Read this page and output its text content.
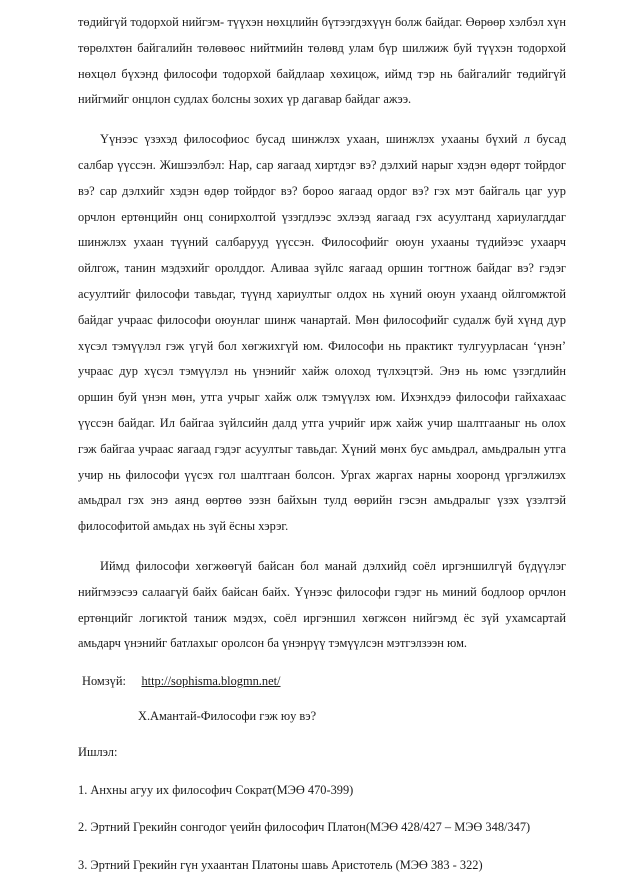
төдийгүй тодорхой нийгэм- түүхэн нөхцлийн бүтээгдэхүүн болж байдаг. Өөрөөр хэлбэл хүн төрөлхтөн байгалийн төлөвөөс нийтмийн төлөвд улам бүр шилжиж буй түүхэн тодорхой нөхцөл бүхэнд философи тодорхой байдлаар хөхицож, иймд тэр нь байгалийг төдийгүй нийгмийг онцлон судлах болсны зохих үр дагавар байдаг ажээ.

Үүнээс үзэхэд философиос бусад шинжлэх ухаан, шинжлэх ухааны бүхий л бусад салбар үүссэн. Жишээлбэл: Нар, сар яагаад хиртдэг вэ? дэлхий нарыг хэдэн өдөрт тойрдог вэ? сар дэлхийг хэдэн өдөр тойрдог вэ? бороо яагаад ордог вэ? гэх мэт байгаль цаг уур орчлон ертөнцийн онц сонирхолтой үзэгдлээс эхлээд яагаад гэх асуултанд хариулагддаг шинжлэх ухаан түүний салбарууд үүссэн. Философийг оюун ухааны түдийээс ухаарч ойлгож, танин мэдэхийг оролддог. Аливаа зүйлс яагаад оршин тогтнож байдаг вэ? гэдэг асуултийг философи тавьдаг, түүнд хариултыг олдох нь хүний оюун ухаанд ойлгомжтой байдаг учраас философи оюунлаг шинж чанартай. Мөн философийг судалж буй хүнд дур хүсэл тэмүүлэл гэж үгүй бол хөгжихгүй юм. Философи нь практикт тулгуурласан ‘үнэн’ учраас дур хүсэл тэмүүлэл нь үнэнийг хайж олоход түлхэцтэй. Энэ нь юмс үзэгдлийн оршин буй үнэн мөн, утга учрыг хайж олж тэмүүлэх юм. Ихэнхдээ философи гайхахаас үүссэн байдаг. Ил байгаа зүйлсийн далд утга учрийг ирж хайж учир шалтгааныг нь олох гэж байгаа учраас яагаад гэдэг асуултыг тавьдаг. Хүний мөнх бус амьдрал, амьдралын утга учир нь философи үүсэх гол шалтгаан болсон. Ургах жаргах нарны хооронд үргэлжилэх амьдрал гэх энэ аянд өөртөө ээзн байхын тулд өөрийн гэсэн амьдралыг үзэх үзэлтэй философитой амьдах нь зүй ёсны хэрэг.

Иймд философи хөгжөөгүй байсан бол манай дэлхийд соёл иргэншилгүй бүдүүлэг нийгмээсээ салаагүй байх байсан байх. Үүнээс философи гэдэг нь миний бодлоор орчлон ертөнцийг логиктой таниж мэдэх, соёл иргэншил хөгжсөн нийгэмд ёс зүй ухамсартай амьдарч үнэнийг батлахыг оролсон ба үнэнрүү тэмүүлсэн мэтгэлзээн юм.

Номзүй: http://sophisma.blogmn.net/

Х.Амантай-Философи гэж юу вэ?

Ишлэл:

1. Анхны агуу их философич Сократ(МЭӨ 470-399)

2. Эртний Грекийн сонгодог үеийн философич Платон(МЭӨ 428/427 – МЭӨ 348/347)

3. Эртний Грекийн гүн ухаантан Платоны шавь Аристотель (МЭӨ 383 - 322)
